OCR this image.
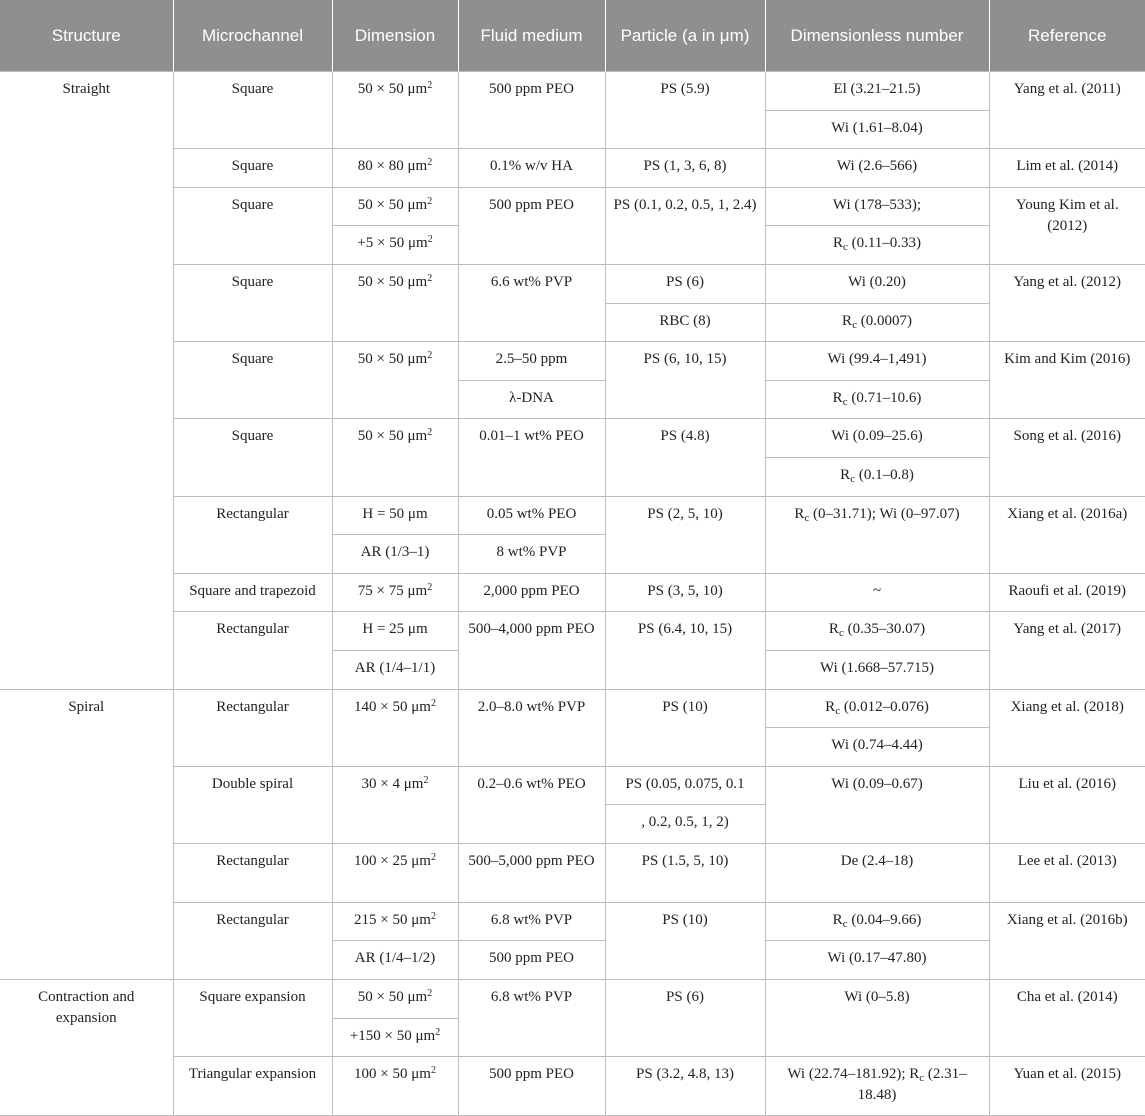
Structure	Microchannel	Dimension	Fluid medium	Particle (a in μm)	Dimensionless number	Reference
Straight	Square	50 × 50 $\mu m^2$	500 ppm PEO	PS (5.9)	El (3.21–21.5)	Yang et al. (2011)
					Wi (1.61–8.04)	
	Square	80 × 80 $\mu m^2$	0.1% w/v HA	PS (1, 3, 6, 8)	Wi (2.6–566)	Lim et al. (2014)
	Square	50 × 50 $\mu m^2$	500 ppm PEO	PS (0.1, 0.2, 0.5, 1, 2.4)	Wi (178–533);	Young Kim et al. (2012)
		+5 × 50 $\mu m^2$			$R_c$ (0.11–0.33)	
	Square	50 × 50 $\mu m^2$	6.6 wt% PVP	PS (6)	Wi (0.20)	Yang et al. (2012)
				RBC (8)	$R_c$ (0.0007)	
	Square	50 × 50 $\mu m^2$	2.5–50 ppm	PS (6, 10, 15)	Wi (99.4–1,491)	Kim and Kim (2016)
			λ-DNA		$R_c$ (0.71–10.6)	
	Square	50 × 50 $\mu m^2$	0.01–1 wt% PEO	PS (4.8)	Wi (0.09–25.6)	Song et al. (2016)
					$R_c$ (0.1–0.8)	
	Rectangular	H = 50 μm	0.05 wt% PEO	PS (2, 5, 10)	$R_c$ (0–31.71); Wi (0–97.07)	Xiang et al. (2016a)
		AR (1/3–1)	8 wt% PVP			
	Square and trapezoid	75 × 75 $\mu m^2$	2,000 ppm PEO	PS (3, 5, 10)	~	Raoufi et al. (2019)
	Rectangular	H = 25 μm	500–4,000 ppm PEO	PS (6.4, 10, 15)	$R_c$ (0.35–30.07)	Yang et al. (2017)
		AR (1/4–1/1)			Wi (1.668–57.715)	
Spiral	Rectangular	140 × 50 $\mu m^2$	2.0–8.0 wt% PVP	PS (10)	$R_c$ (0.012–0.076)	Xiang et al. (2018)
					Wi (0.74–4.44)	
	Double spiral	30 × 4 $\mu m^2$	0.2–0.6 wt% PEO	PS (0.05, 0.075, 0.1	Wi (0.09–0.67)	Liu et al. (2016)
				, 0.2, 0.5, 1, 2)		
	Rectangular	100 × 25 $\mu m^2$	500–5,000 ppm PEO	PS (1.5, 5, 10)	De (2.4–18)	Lee et al. (2013)
	Rectangular	215 × 50 $\mu m^2$	6.8 wt% PVP	PS (10)	$R_c$ (0.04–9.66)	Xiang et al. (2016b)
		AR (1/4–1/2)	500 ppm PEO		Wi (0.17–47.80)	
Contraction and expansion	Square expansion	50 × 50 $\mu m^2$	6.8 wt% PVP	PS (6)	Wi (0–5.8)	Cha et al. (2014)
		+150 × 50 $\mu m^2$
	Triangular expansion	100 × 50 $\mu m^2$	500 ppm PEO	PS (3.2, 4.8, 13)	Wi (22.74–181.92); $R_c$ (2.31–18.48)	Yuan et al. (2015)
